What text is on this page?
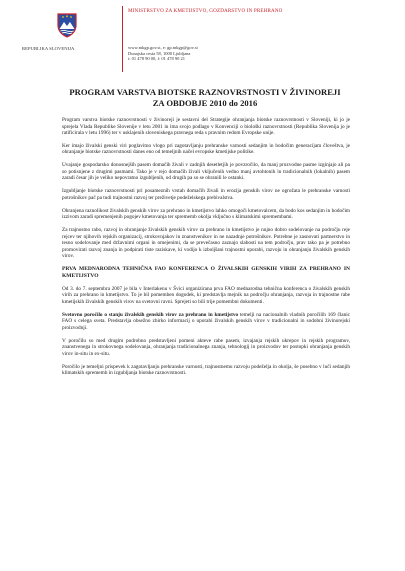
REPUBLIKA SLOVENIJA
MINISTRSTVO ZA KMETIJSTVO, GOZDARSTVO IN PREHRANO
www.mkgp.gov.si, e: gp.mkgp@gov.si
Dunajska cesta 58, 1000 Ljubljana
t: 01 478 90 00, f: 01 478 90 21
PROGRAM VARSTVA BIOTSKE RAZNOVRSTNOSTI V ŽIVINOREJI
ZA OBDOBJE 2010 do 2016

Program varstva biotske raznovrstnosti v živinoreji je sestavni del Strategije ohranjanja biotske raznovrstnosti v Sloveniji, ki jo je sprejela Vlada Republike Slovenije v letu 2001 in ima svojo podlago v Konvenciji o biološki raznovrstnosti (Republika Slovenija jo je ratificirala v letu 1996) ter v usklajenih sloveniskega pravnega reda s pravnim redom Evropske unije.

Ker imajo živalski genski viri poglavitno vlogo pri zagotavljanju prehranske varnosti sedanjim in bodočim generacijam človeštva, je ohranjanje biotske raznovrstnosti danes eno od temeljnih načel evropske kmetijske politike.

Uvajanje gospodarsko donosnejših pasem domačih živali v zadnjih desetletjih je povzročilo, da manj prozvodne pasme izginjajo ali pa so potisnjene z drugimi pasmami. Tako je v rejo domačih živali vključenih vedno manj avtohtonih in tradicionalnih (lokalnih) pasem zaradi česar jih je veliko nepovratno izgubljenih, od drugih pa so se ohranili le ostanki.

Izgubljanje biotske raznovrstnosti pri posameznih vrstah domačih živali in erozija genskih virov ne ogrožata le prehranske varnosti potrošnikov pač pa tudi trajnostni razvoj ter preživetje podeželskega prebivalstva.

Ohranjena raznolikost živalskih genskih virov za prehrano in kmetijstvo lahko omogoči kmetovalcem, da bodo kos sedanjim in bodočim izzivom zaradi spremenjenih pogojev kmetovanja ter sprememb okolja vključno s klimatskimi spremembami.

Za trajnostno rabo, razvoj in ohranjanje živalskih genskih virov za prehrano in kmetijstvo je nujno dobro sodelovanje na področju reje rejcev ter njihovih rejskih organizacij, strokovnjakov in znanstvenikov in ne nazadnje potrošnikov. Potrebne je zasnovati partnerstvo in tesno sodelovanje med državnimi organi in omejenimi, da se prevečasno zaznajo slabosti na tem področju, prav tako pa je potrebno promovirati razvoj znanja in podpirati tiste raziskave, ki vodijo k izboljšani trajnostni uporabi, razvoju in ohranjanju živalskih genskih virov.

PRVA MEDNARODNA TEHNIČNA FAO KONFERENCA O ŽIVALSKIH GENSKIH VIRIH ZA PREHRANO IN KMETIJSTVO

Od 3. do 7. septembra 2007 je bila v Interlakenu v Švici organizirana prva FAO mednarodna tehnična konferenca o živalskih genskih virih za prehrano in kmetijstvo. To je bil pomemben dogodek, ki predstavlja mejnik na področju ohranjanja, razvoja in trajnostne rabe kmetijskih živalskih genskih virov na svetovni ravni. Sprejeti so bili trije pomembni dokumenti.

Svetovno poročilo o stanju živalskih genskih virov za prehrano in kmetijstvo temelji na nacionalnih vladnih poročilih 169 članic FAO s celega sveta. Predstavlja obsežno zbirko informacij o uporabi živalskih genskih virov v tradicionalni in sodobni živinorejski proizvodnji.

V poročilu so med drugim podrobno predstavljeni pomeni akteve rabe pasem, izvajanja rejskih ukrepov in rejskih programov, znanstvenega in strokovnega sodelovanja, ohranjanja tradicionalnega znanja, tehnologij in proizvodov ter postopki ohranjanja genskih virov in-situ in ex-situ.

Poročilo je temeljni prispevek k zagotavljanju prehranske varnosti, trajnostnemu razvoju podeželja in okolja, še posebno v luči sedanjih klimatskih sprememb in izgubljanja biotske raznovrstnosti.
